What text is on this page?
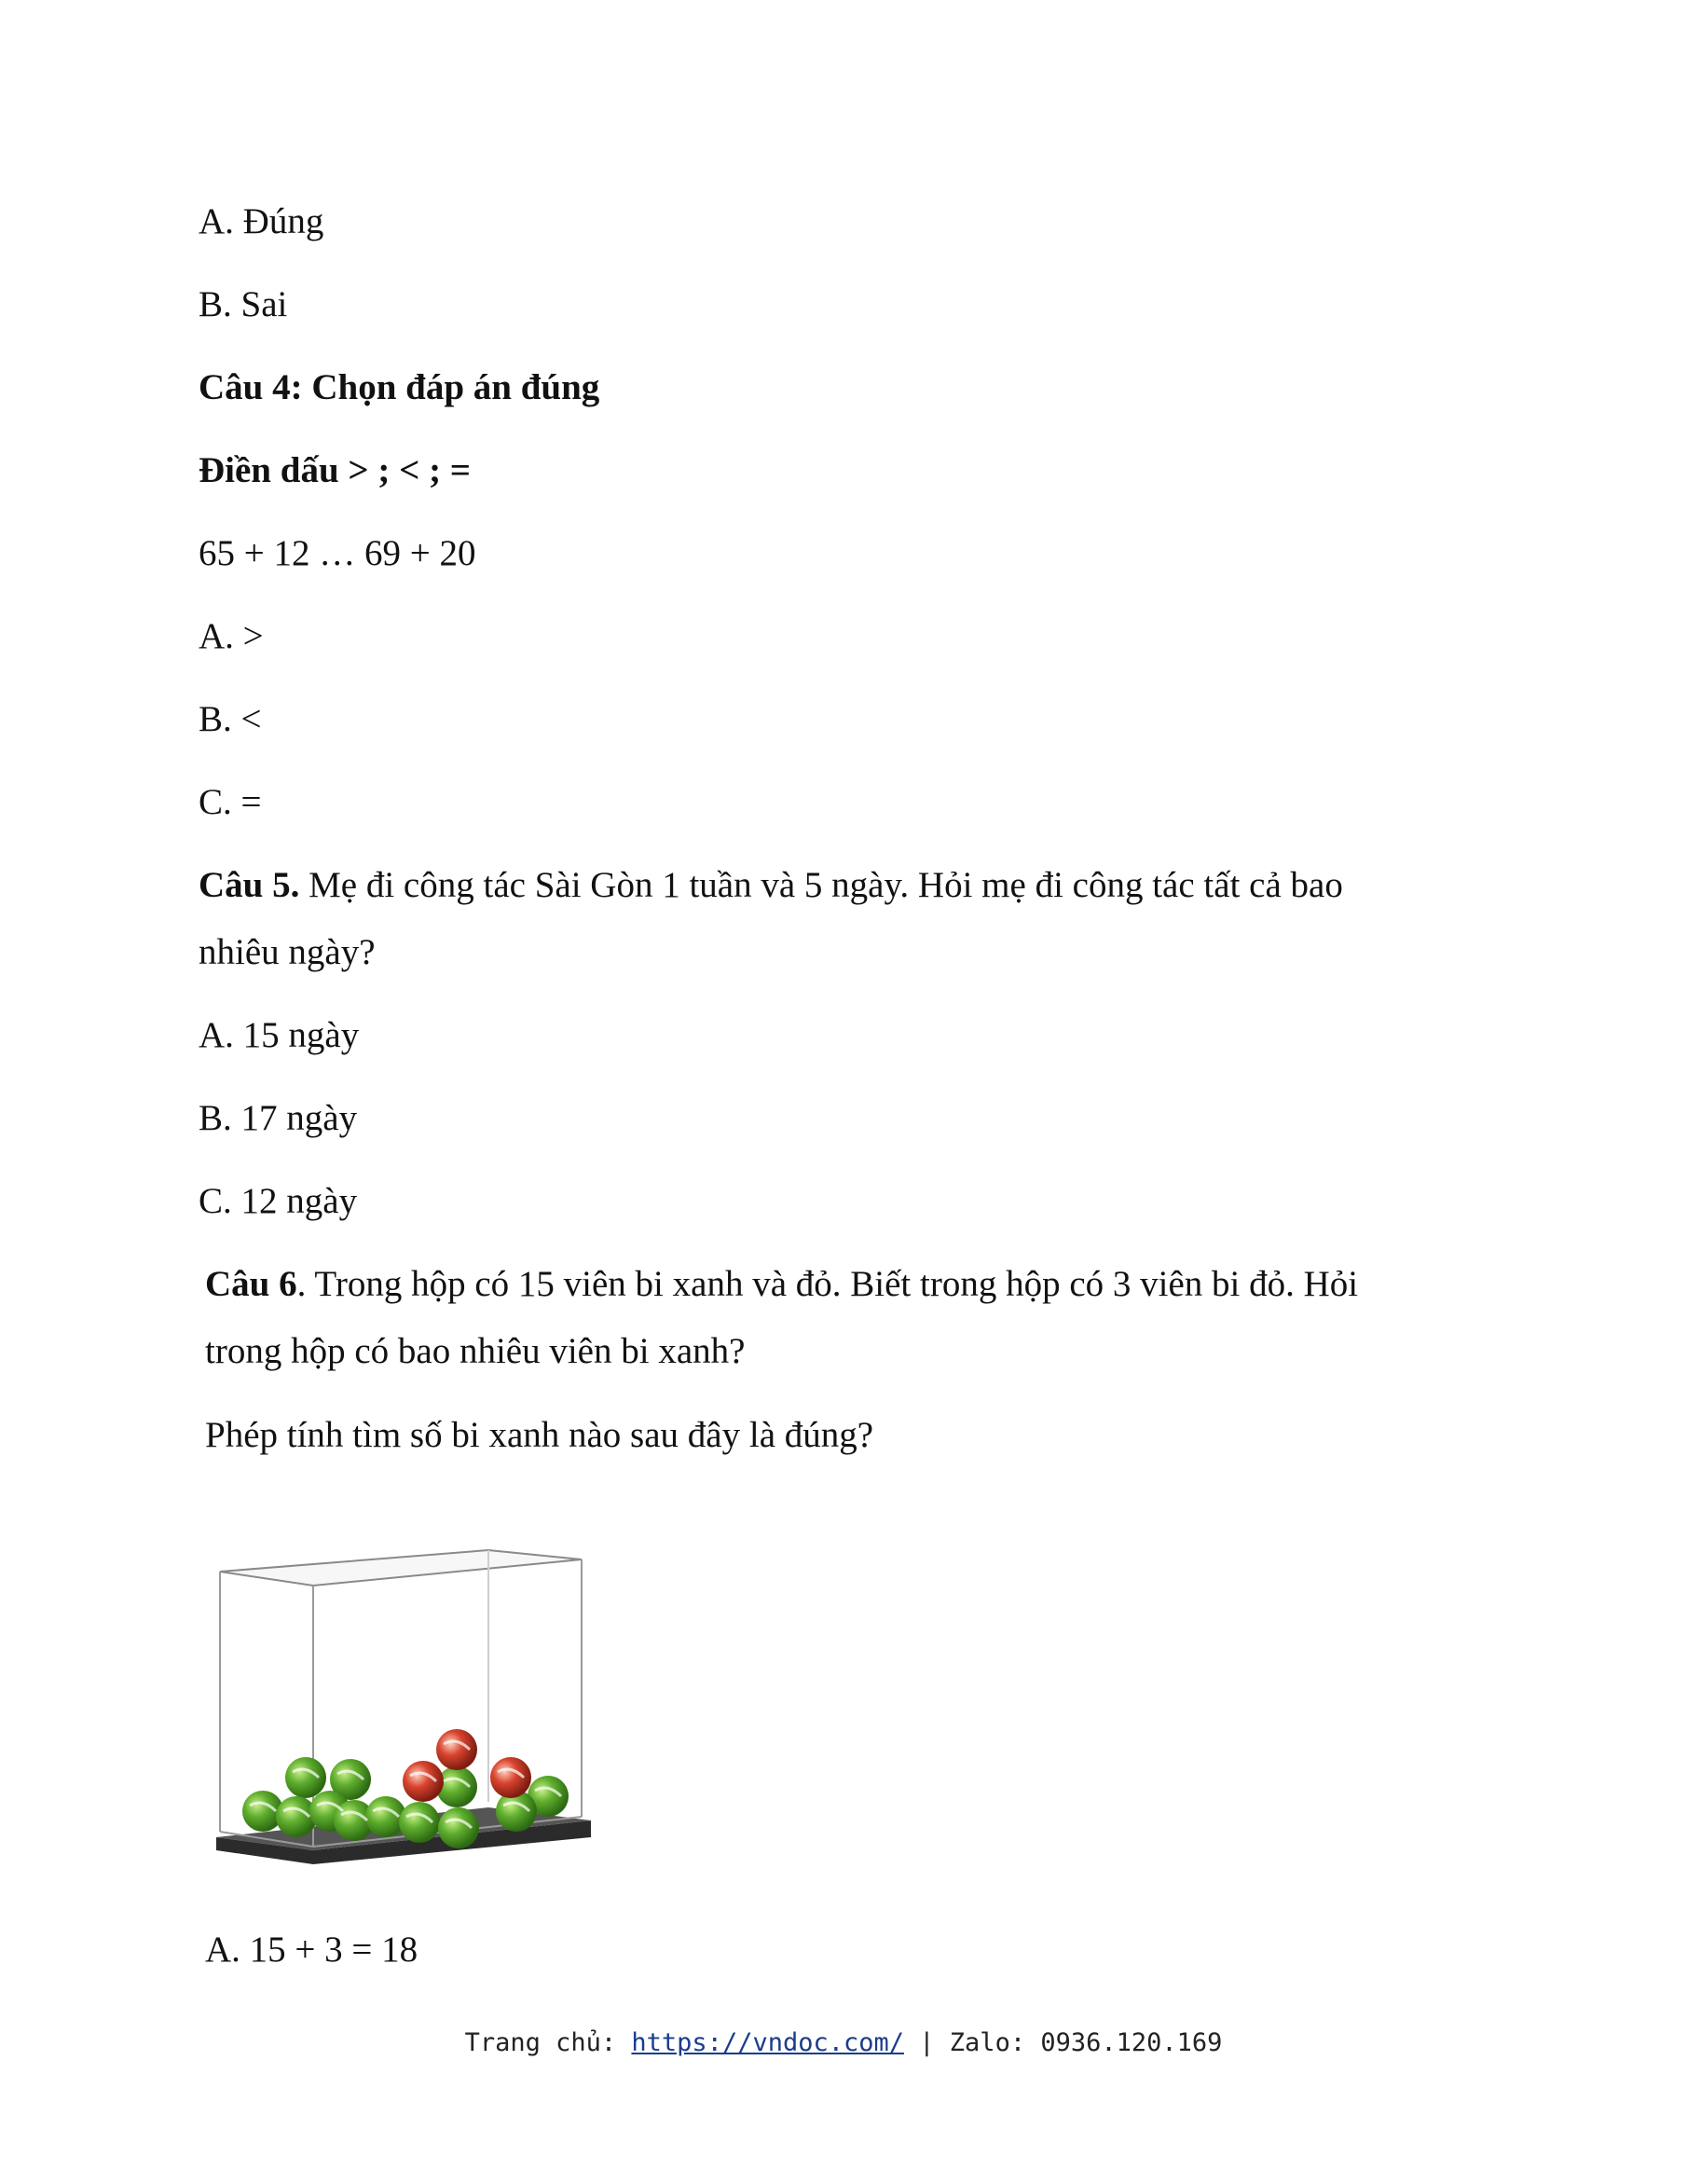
A. Đúng
B. Sai
Câu 4: Chọn đáp án đúng
Điền dấu > ; < ; =
65 + 12 … 69 + 20
A. >
B. <
C. =
Câu 5. Mẹ đi công tác Sài Gòn 1 tuần và 5 ngày. Hỏi mẹ đi công tác tất cả bao
nhiêu ngày?
A. 15 ngày
B. 17 ngày
C. 12 ngày
Câu 6. Trong hộp có 15 viên bi xanh và đỏ. Biết trong hộp có 3 viên bi đỏ. Hỏi
trong hộp có bao nhiêu viên bi xanh?
Phép tính tìm số bi xanh nào sau đây là đúng?
A. 15 + 3 = 18
Trang chủ: https://vndoc.com/ | Zalo: 0936.120.169
